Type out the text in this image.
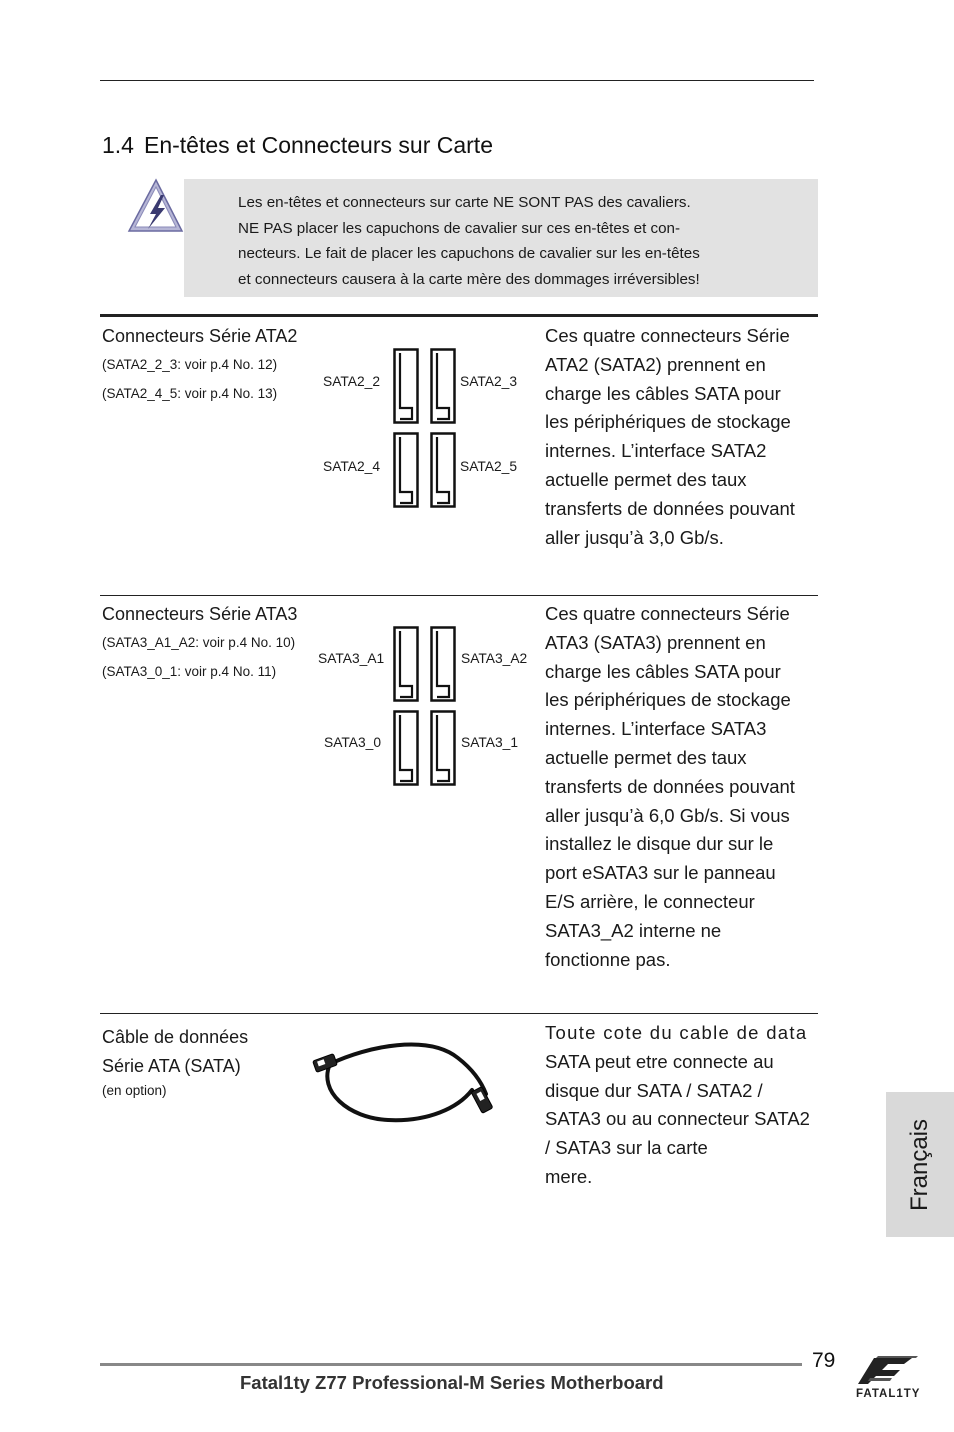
1.4 En-têtes et Connecteurs sur Carte
Les en-têtes et connecteurs sur carte NE SONT PAS des cavaliers.
NE PAS placer les capuchons de cavalier sur ces en-têtes et con-
necteurs. Le fait de placer les capuchons de cavalier sur les en-têtes
et connecteurs causera à la carte mère des dommages irréversibles!
Connecteurs Série ATA2
(SATA2_2_3: voir p.4 No. 12)
(SATA2_4_5: voir p.4 No. 13)
SATA2_2	SATA2_3
SATA2_4	SATA2_5
Ces quatre connecteurs Série
ATA2 (SATA2) prennent en
charge les câbles SATA pour
les périphériques de stockage
internes. L’interface SATA2
actuelle permet des taux
transferts de données pouvant
aller jusqu’à 3,0 Gb/s.
Connecteurs Série ATA3
(SATA3_A1_A2: voir p.4 No. 10)
(SATA3_0_1: voir p.4 No. 11)
SATA3_A1	SATA3_A2
SATA3_0	SATA3_1
Ces quatre connecteurs Série
ATA3 (SATA3) prennent en
charge les câbles SATA pour
les périphériques de stockage
internes. L’interface SATA3
actuelle permet des taux
transferts de données pouvant
aller jusqu’à 6,0 Gb/s. Si vous
installez le disque dur sur le
port eSATA3 sur le panneau
E/S arrière, le connecteur
SATA3_A2 interne ne
fonctionne pas.
Câble de données
Série ATA (SATA)
(en option)
Toute cote du cable de data
SATA peut etre connecte au
disque dur SATA / SATA2 /
SATA3 ou au connecteur SATA2
/ SATA3 sur la carte
mere.	Français
79
Fatal1ty Z77 Professional-M Series Motherboard
FATAL1TY
